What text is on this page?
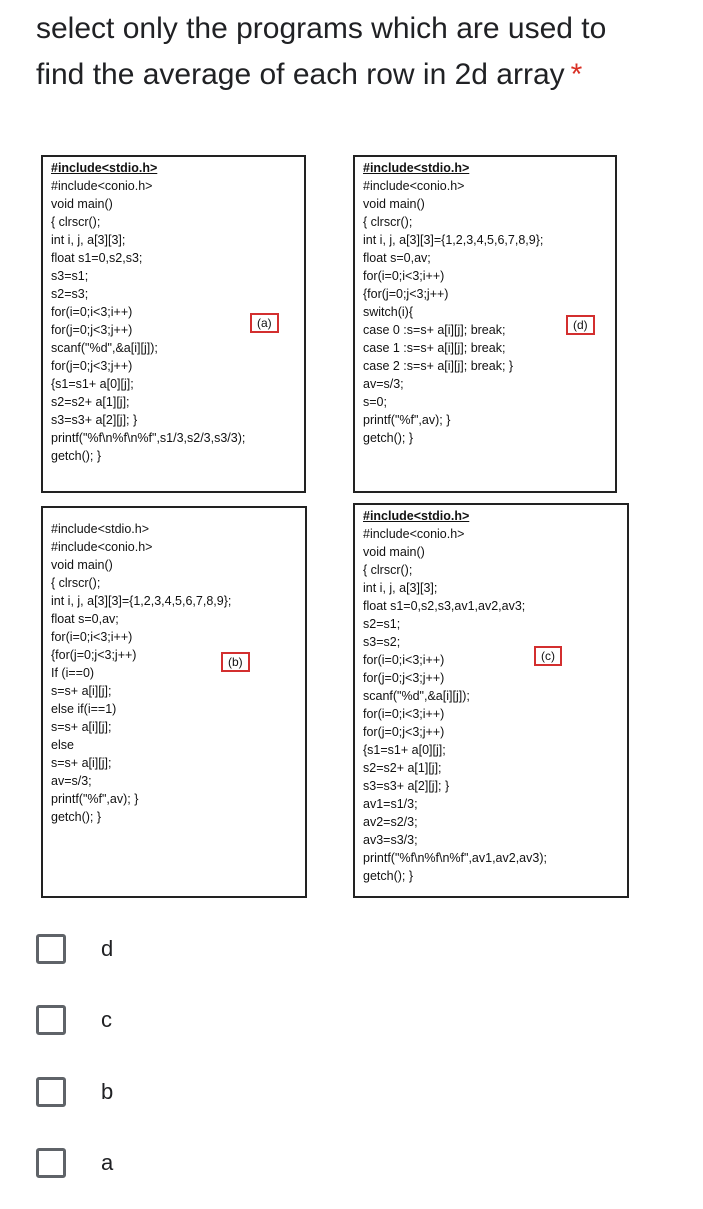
select only the programs which are used to
find the average of each row in 2d array *
#include<stdio.h>
#include<conio.h>
void main()
{ clrscr();
int i, j, a[3][3];
float s1=0,s2,s3;
s3=s1;
s2=s3;
for(i=0;i<3;i++)
for(j=0;j<3;j++)
scanf("%d",&a[i][j]);
for(j=0;j<3;j++)
{s1=s1+ a[0][j];
s2=s2+ a[1][j];
s3=s3+ a[2][j]; }
printf("%f\n%f\n%f",s1/3,s2/3,s3/3);
getch(); }
(a)
#include<stdio.h>
#include<conio.h>
void main()
{ clrscr();
int i, j, a[3][3]={1,2,3,4,5,6,7,8,9};
float s=0,av;
for(i=0;i<3;i++)
{for(j=0;j<3;j++)
switch(i){
case 0 :s=s+ a[i][j]; break;
case 1 :s=s+ a[i][j]; break;
case 2 :s=s+ a[i][j]; break; }
av=s/3;
s=0;
printf("%f",av); }
getch(); }
(d)
#include<stdio.h>
#include<conio.h>
void main()
{ clrscr();
int i, j, a[3][3]={1,2,3,4,5,6,7,8,9};
float s=0,av;
for(i=0;i<3;i++)
{for(j=0;j<3;j++)
If (i==0)
s=s+ a[i][j];
else if(i==1)
s=s+ a[i][j];
else
s=s+ a[i][j];
av=s/3;
printf("%f",av); }
getch(); }
(b)
#include<stdio.h>
#include<conio.h>
void main()
{ clrscr();
int i, j, a[3][3];
float s1=0,s2,s3,av1,av2,av3;
s2=s1;
s3=s2;
for(i=0;i<3;i++)
for(j=0;j<3;j++)
scanf("%d",&a[i][j]);
for(i=0;i<3;i++)
for(j=0;j<3;j++)
{s1=s1+ a[0][j];
s2=s2+ a[1][j];
s3=s3+ a[2][j]; }
av1=s1/3;
av2=s2/3;
av3=s3/3;
printf("%f\n%f\n%f",av1,av2,av3);
getch(); }
(c)
d
c
b
a
